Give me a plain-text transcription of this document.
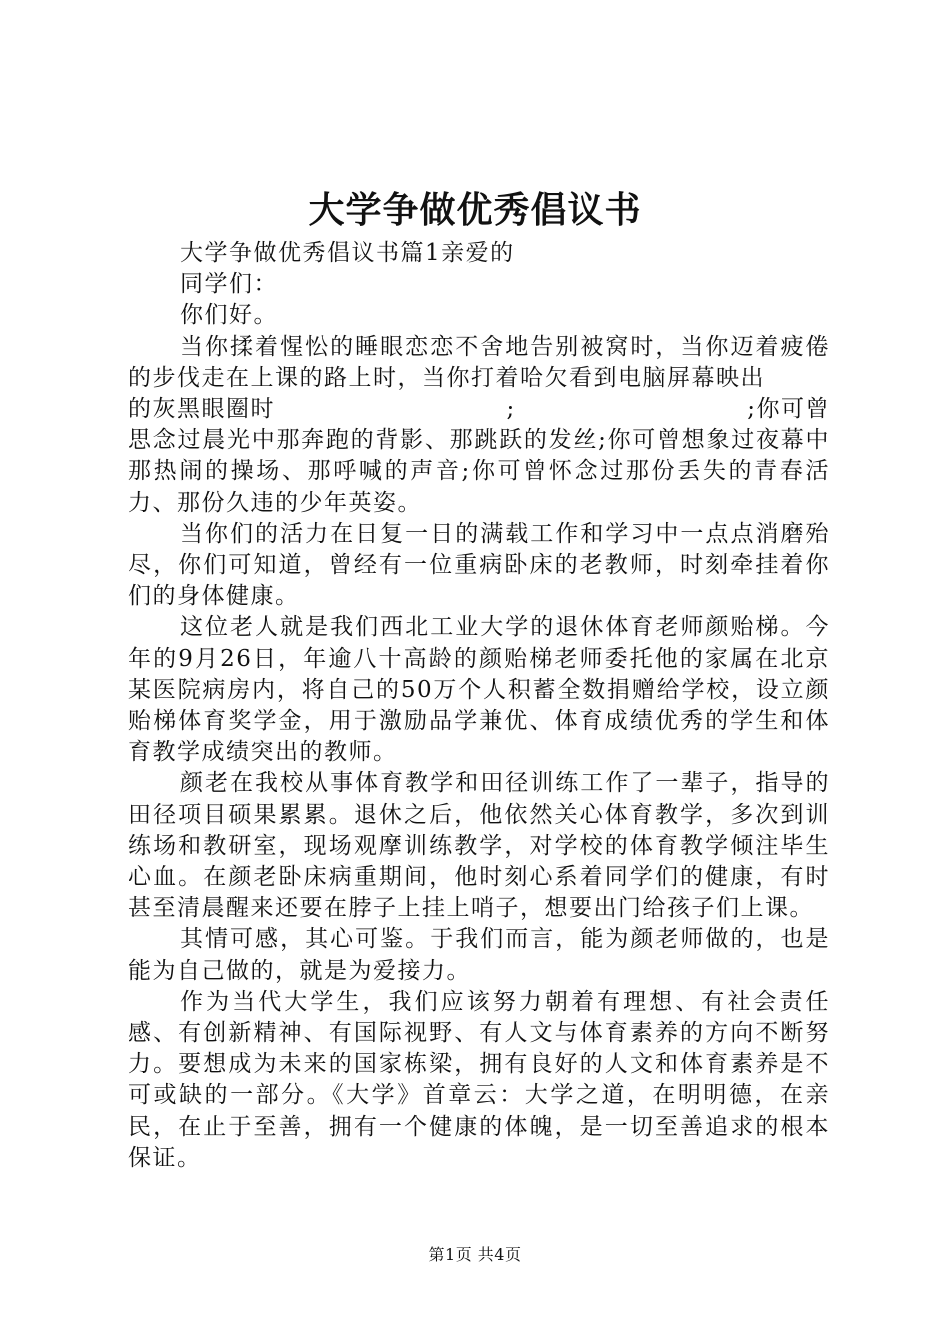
大学争做优秀倡议书

大学争做优秀倡议书篇1亲爱的

同学们：

你们好。

当你揉着惺忪的睡眼恋恋不舍地告别被窝时，当你迈着疲倦的步伐走在上课的路上时，当你打着哈欠看到电脑屏幕映出

的灰黑眼圈时	;	;你可曾
思念过晨光中那奔跑的背影、那跳跃的发丝;你可曾想象过夜幕中那热闹的操场、那呼喊的声音;你可曾怀念过那份丢失的青春活力、那份久违的少年英姿。

当你们的活力在日复一日的满载工作和学习中一点点消磨殆尽，你们可知道，曾经有一位重病卧床的老教师，时刻牵挂着你们的身体健康。

这位老人就是我们西北工业大学的退休体育老师颜贻梯。今年的9月26日，年逾八十高龄的颜贻梯老师委托他的家属在北京某医院病房内，将自己的50万个人积蓄全数捐赠给学校，设立颜贻梯体育奖学金，用于激励品学兼优、体育成绩优秀的学生和体育教学成绩突出的教师。

颜老在我校从事体育教学和田径训练工作了一辈子，指导的田径项目硕果累累。退休之后，他依然关心体育教学，多次到训练场和教研室，现场观摩训练教学，对学校的体育教学倾注毕生心血。在颜老卧床病重期间，他时刻心系着同学们的健康，有时甚至清晨醒来还要在脖子上挂上哨子，想要出门给孩子们上课。

其情可感，其心可鉴。于我们而言，能为颜老师做的，也是能为自己做的，就是为爱接力。

作为当代大学生，我们应该努力朝着有理想、有社会责任感、有创新精神、有国际视野、有人文与体育素养的方向不断努力。要想成为未来的国家栋梁，拥有良好的人文和体育素养是不可或缺的一部分。《大学》首章云：大学之道，在明明德，在亲民，在止于至善，拥有一个健康的体魄，是一切至善追求的根本保证。

第1页 共4页
